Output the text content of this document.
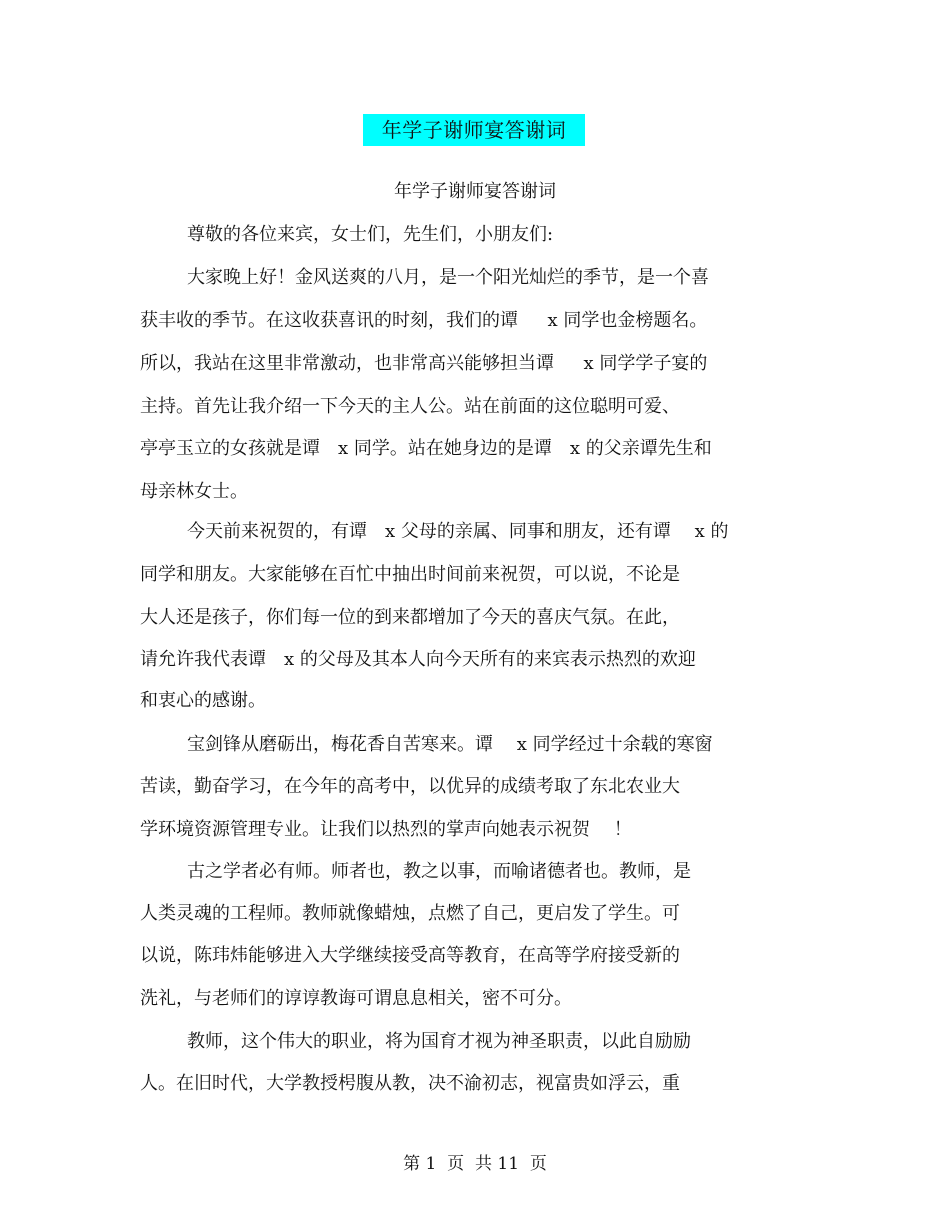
年学子谢师宴答谢词
年学子谢师宴答谢词
尊敬的各位来宾，女士们，先生们，小朋友们:
大家晚上好！金风送爽的八月，是一个阳光灿烂的季节，是一个喜
获丰收的季节。在这收获喜讯的时刻，我们的谭　  x 同学也金榜题名。
所以，我站在这里非常激动，也非常高兴能够担当谭　  x 同学学子宴的
主持。首先让我介绍一下今天的主人公。站在前面的这位聪明可爱、
亭亭玉立的女孩就是谭　x 同学。站在她身边的是谭　x 的父亲谭先生和
母亲林女士。
今天前来祝贺的，有谭　x 父母的亲属、同事和朋友，还有谭　 x 的
同学和朋友。大家能够在百忙中抽出时间前来祝贺，可以说，不论是
大人还是孩子，你们每一位的到来都增加了今天的喜庆气氛。在此，
请允许我代表谭　x 的父母及其本人向今天所有的来宾表示热烈的欢迎
和衷心的感谢。
宝剑锋从磨砺出，梅花香自苦寒来。谭　 x 同学经过十余载的寒窗
苦读，勤奋学习，在今年的高考中，以优异的成绩考取了东北农业大
学环境资源管理专业。让我们以热烈的掌声向她表示祝贺　 ！
古之学者必有师。师者也，教之以事，而喻诸德者也。教师，是
人类灵魂的工程师。教师就像蜡烛，点燃了自己，更启发了学生。可
以说，陈玮炜能够进入大学继续接受高等教育，在高等学府接受新的
洗礼，与老师们的谆谆教诲可谓息息相关，密不可分。
教师，这个伟大的职业，将为国育才视为神圣职责，以此自励励
人。在旧时代，大学教授枵腹从教，决不渝初志，视富贵如浮云，重
第 1  页  共 11  页
